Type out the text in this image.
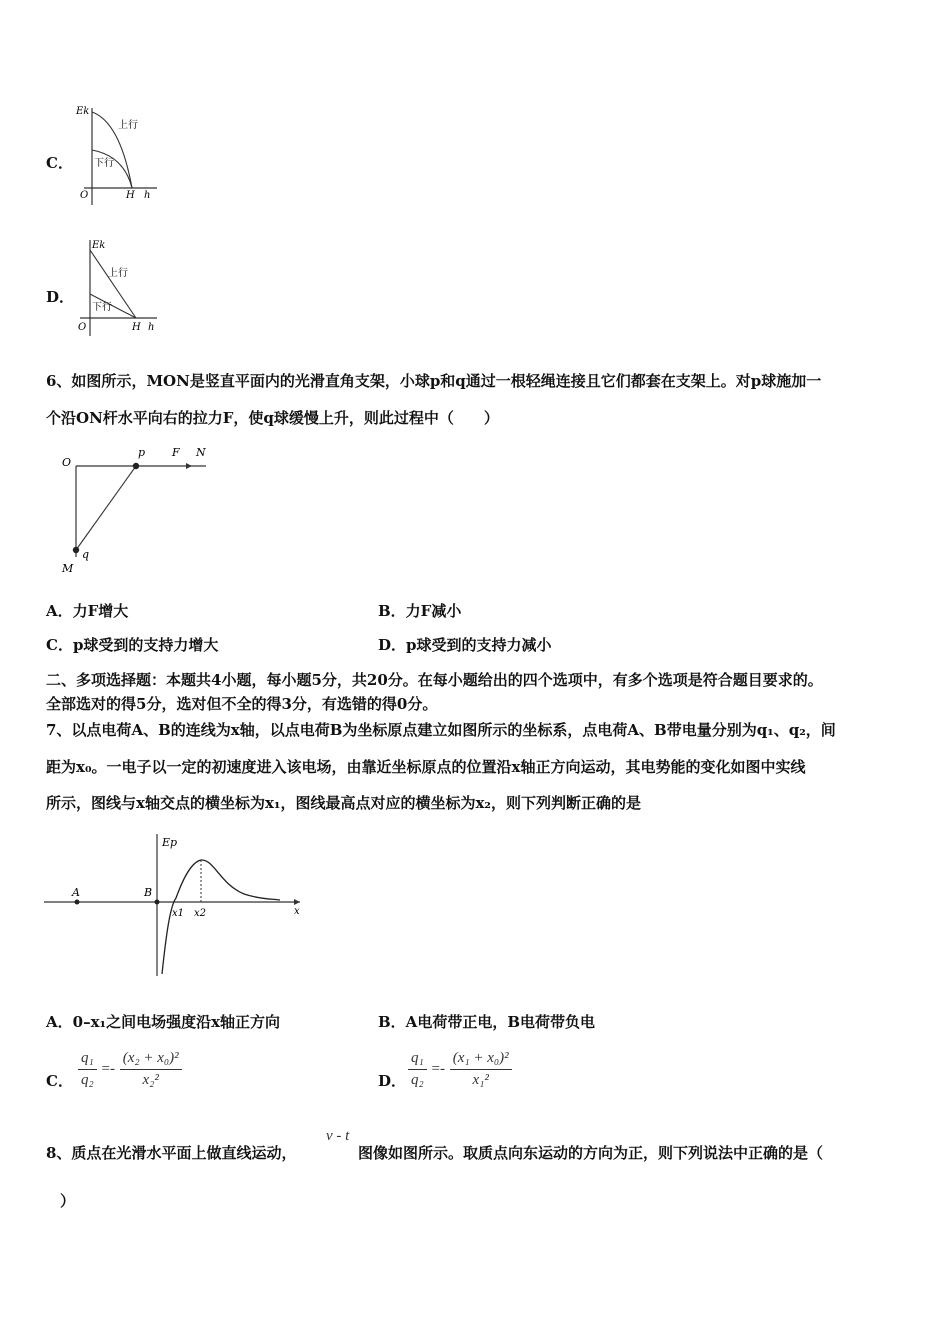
C．
Ek
上行
下行
O	H h
D．
Ek
上行
下行
O	H h
6、如图所示，MON是竖直平面内的光滑直角支架，小球p和q通过一根轻绳连接且它们都套在支架上。对p球施加一
个沿ON杆水平向右的拉力F，使q球缓慢上升，则此过程中（　　）
O
p F N
q
M
A．力F增大	B．力F减小
C．p球受到的支持力增大	D．p球受到的支持力减小
二、多项选择题：本题共4小题，每小题5分，共20分。在每小题给出的四个选项中，有多个选项是符合题目要求的。
全部选对的得5分，选对但不全的得3分，有选错的得0分。
7、以点电荷A、B的连线为x轴，以点电荷B为坐标原点建立如图所示的坐标系，点电荷A、B带电量分别为q₁、q₂，间
距为x₀。一电子以一定的初速度进入该电场，由靠近坐标原点的位置沿x轴正方向运动，其电势能的变化如图中实线
所示，图线与x轴交点的横坐标为x₁，图线最高点对应的横坐标为x₂，则下列判断正确的是
Ep
A	B
x1 x2	x
A．0–x₁之间电场强度沿x轴正方向	B．A电荷带正电，B电荷带负电
C． $\frac{\text{q₁}}{\text{q₂}} =- \frac{\text{(x₂ + x₀)²}}{\text{x₂²}}$	D． $\frac{\text{q₁}}{\text{q₂}} =- \frac{\text{(x₁ + x₀)²}}{\text{x₁²}}$
8、质点在光滑水平面上做直线运动，
v - t
图像如图所示。取质点向东运动的方向为正，则下列说法中正确的是（
）
